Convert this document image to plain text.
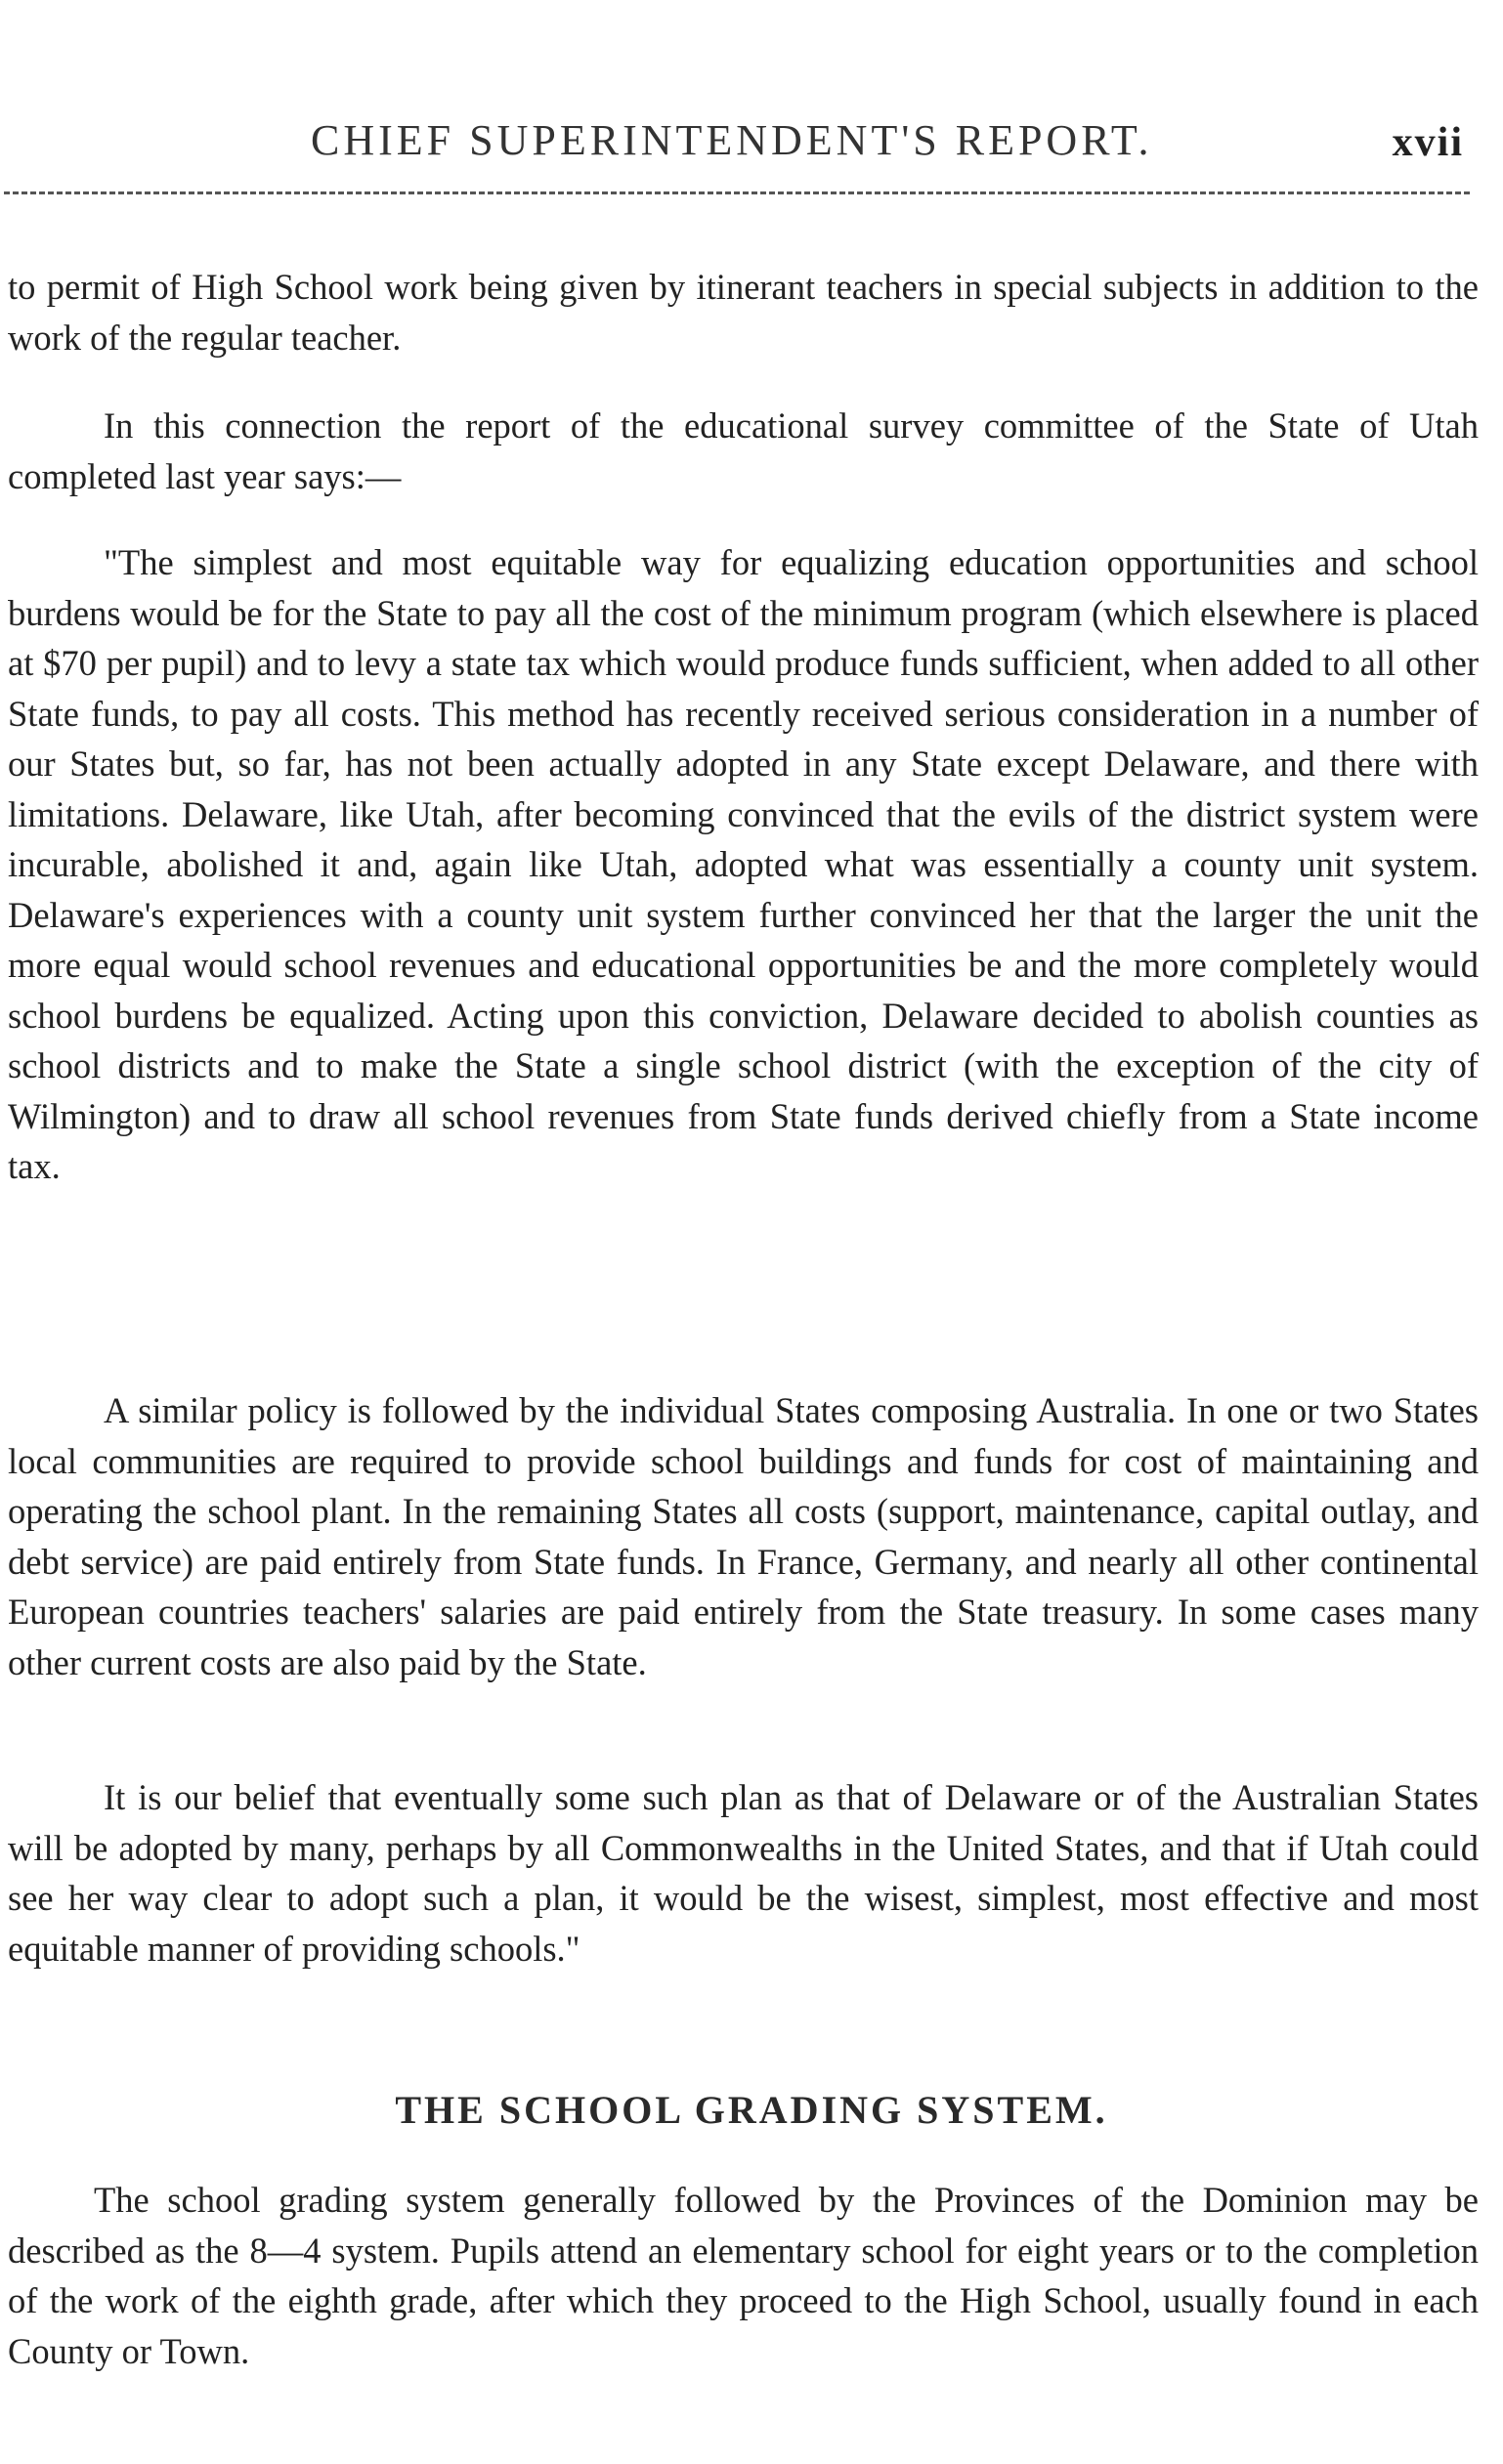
CHIEF SUPERINTENDENT'S REPORT.	xvii

to permit of High School work being given by itinerant teachers in special subjects in addition to the work of the regular teacher.

In this connection the report of the educational survey committee of the State of Utah completed last year says:—

"The simplest and most equitable way for equalizing education opportunities and school burdens would be for the State to pay all the cost of the minimum program (which elsewhere is placed at $70 per pupil) and to levy a state tax which would produce funds sufficient, when added to all other State funds, to pay all costs. This method has recently received serious consideration in a number of our States but, so far, has not been actually adopted in any State except Delaware, and there with limitations. Delaware, like Utah, after becoming convinced that the evils of the district system were incurable, abolished it and, again like Utah, adopted what was essentially a county unit system. Delaware's experiences with a county unit system further convinced her that the larger the unit the more equal would school revenues and educational opportunities be and the more completely would school burdens be equalized. Acting upon this conviction, Delaware decided to abolish counties as school districts and to make the State a single school district (with the exception of the city of Wilmington) and to draw all school revenues from State funds derived chiefly from a State income tax.

A similar policy is followed by the individual States composing Australia. In one or two States local communities are required to provide school buildings and funds for cost of maintaining and operating the school plant. In the remaining States all costs (support, maintenance, capital outlay, and debt service) are paid entirely from State funds. In France, Germany, and nearly all other continental European countries teachers' salaries are paid entirely from the State treasury. In some cases many other current costs are also paid by the State.

It is our belief that eventually some such plan as that of Delaware or of the Australian States will be adopted by many, perhaps by all Commonwealths in the United States, and that if Utah could see her way clear to adopt such a plan, it would be the wisest, simplest, most effective and most equitable manner of providing schools."

THE SCHOOL GRADING SYSTEM.

The school grading system generally followed by the Provinces of the Dominion may be described as the 8—4 system. Pupils attend an elementary school for eight years or to the completion of the work of the eighth grade, after which they proceed to the High School, usually found in each County or Town.
